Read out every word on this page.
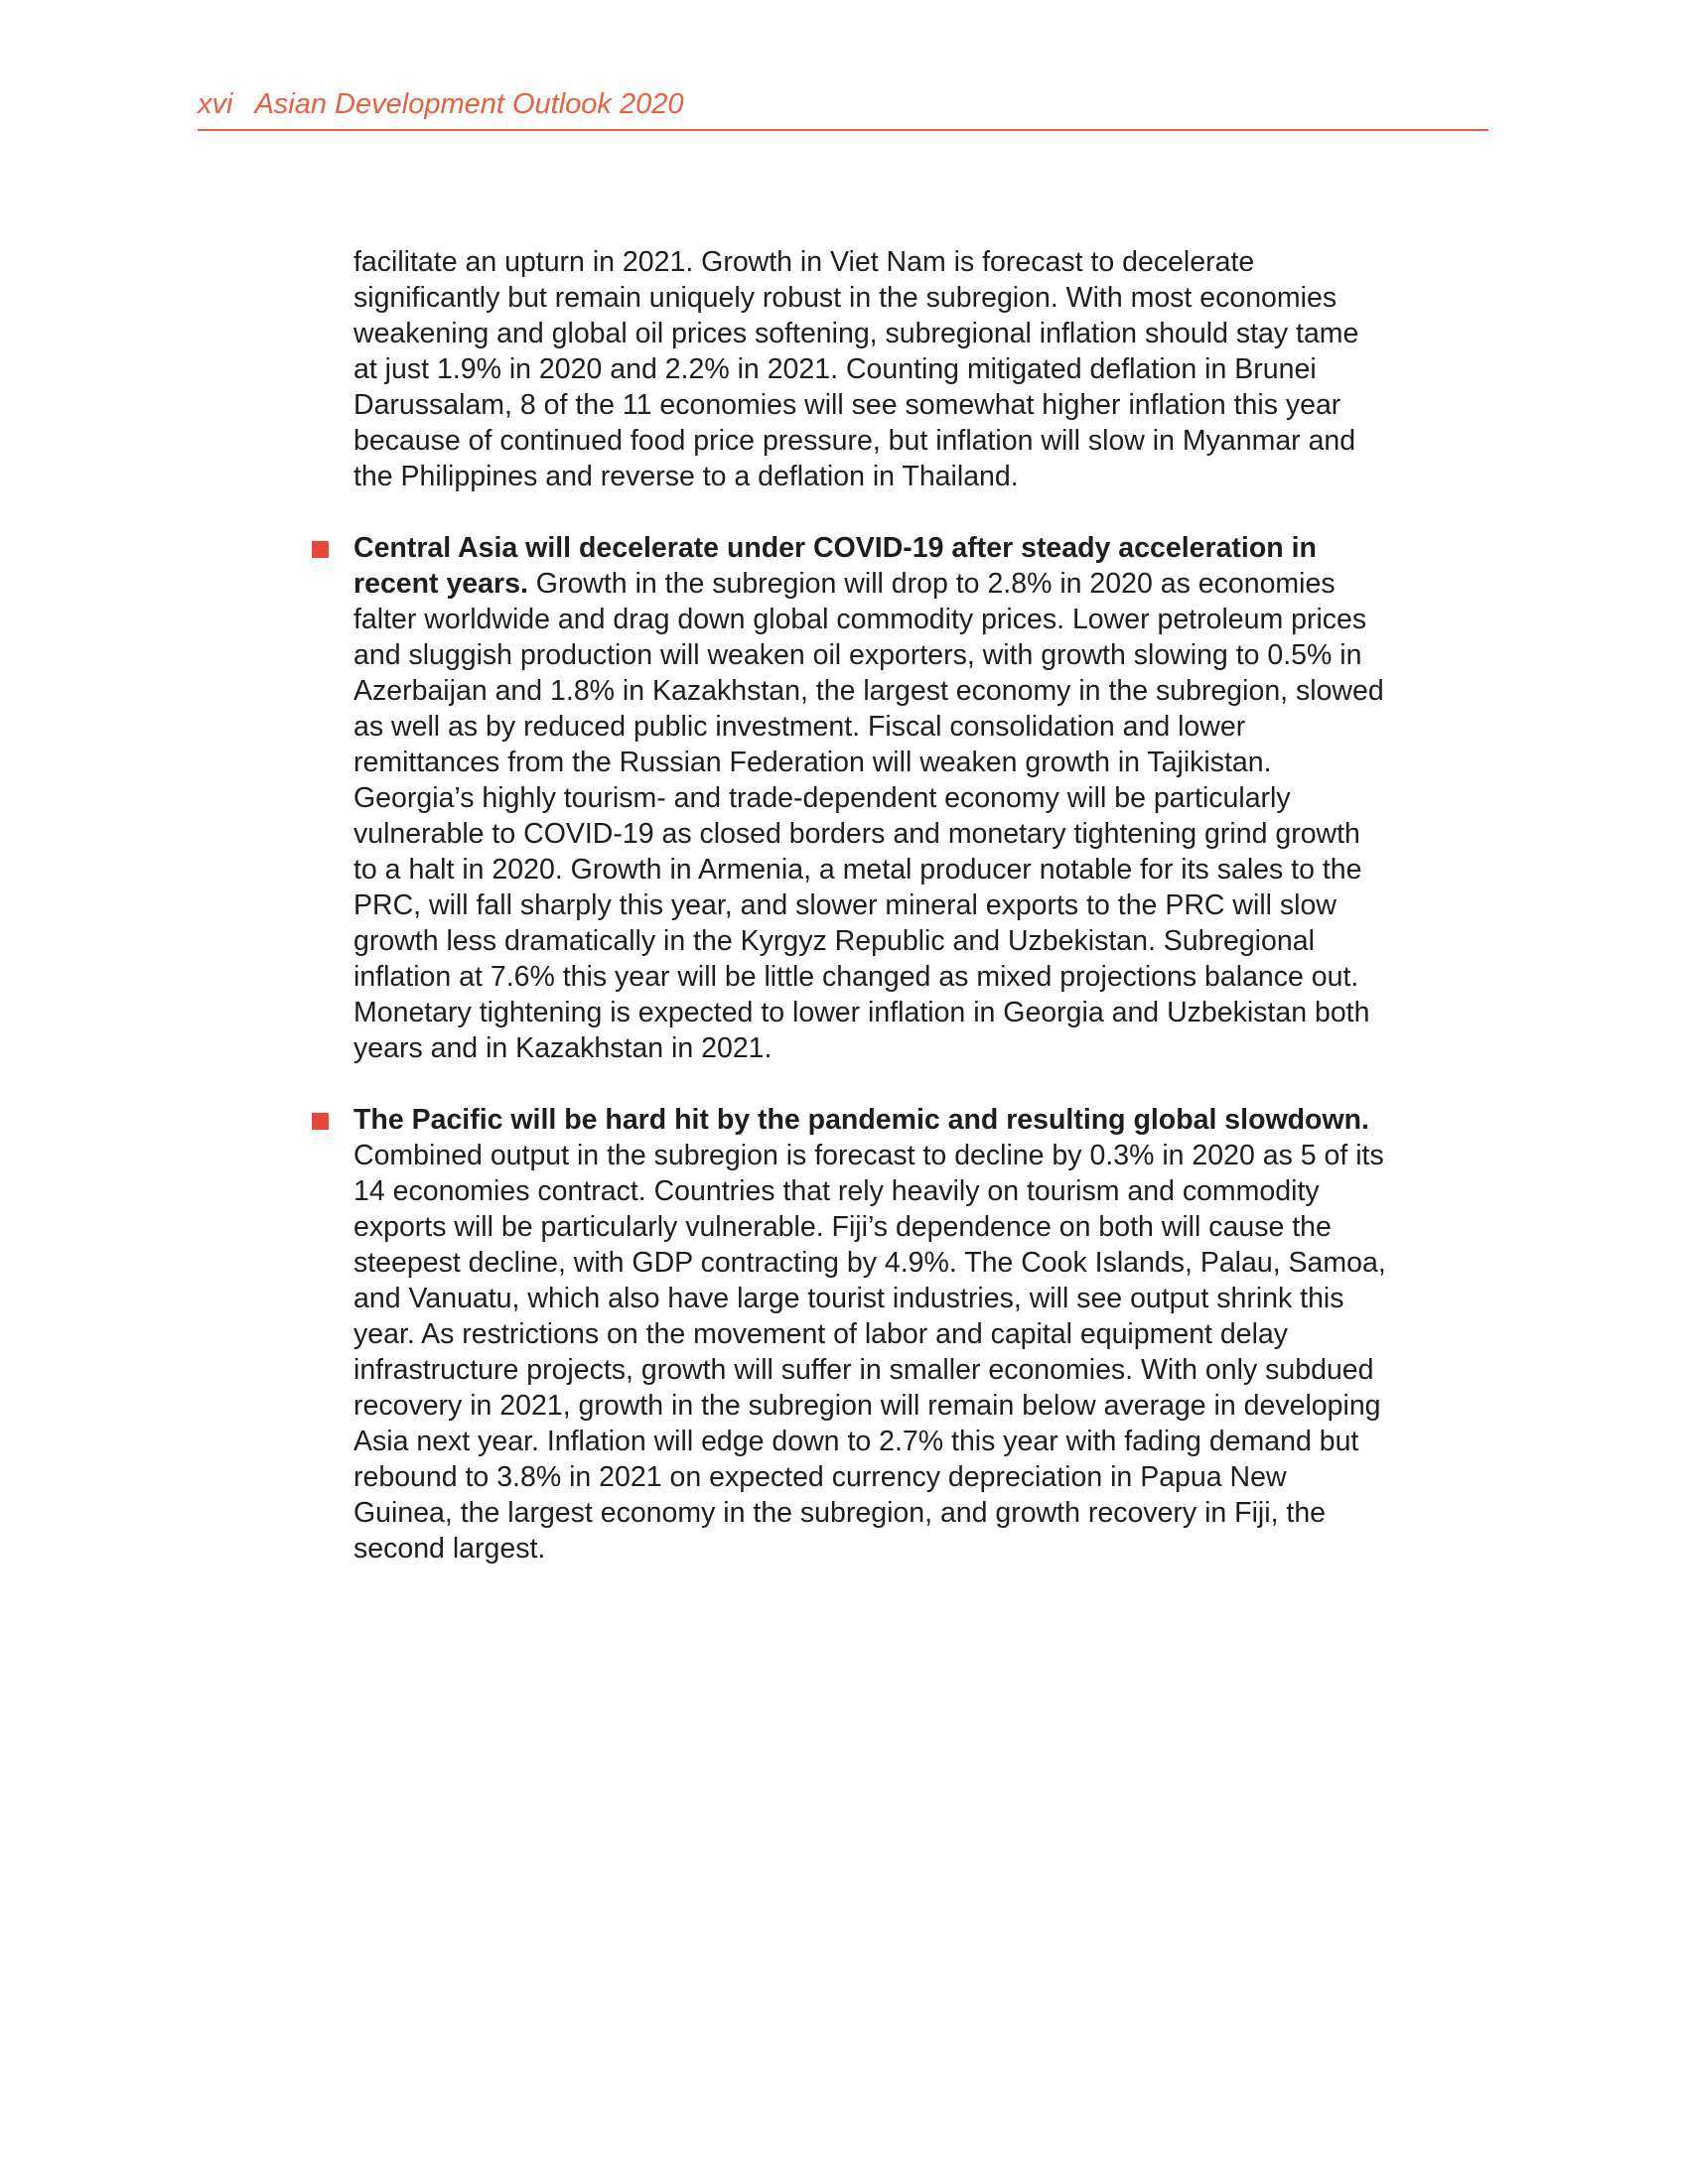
xvi Asian Development Outlook 2020

facilitate an upturn in 2021. Growth in Viet Nam is forecast to decelerate significantly but remain uniquely robust in the subregion. With most economies weakening and global oil prices softening, subregional inflation should stay tame at just 1.9% in 2020 and 2.2% in 2021. Counting mitigated deflation in Brunei Darussalam, 8 of the 11 economies will see somewhat higher inflation this year because of continued food price pressure, but inflation will slow in Myanmar and the Philippines and reverse to a deflation in Thailand.

Central Asia will decelerate under COVID-19 after steady acceleration in recent years. Growth in the subregion will drop to 2.8% in 2020 as economies falter worldwide and drag down global commodity prices. Lower petroleum prices and sluggish production will weaken oil exporters, with growth slowing to 0.5% in Azerbaijan and 1.8% in Kazakhstan, the largest economy in the subregion, slowed as well as by reduced public investment. Fiscal consolidation and lower remittances from the Russian Federation will weaken growth in Tajikistan. Georgia’s highly tourism- and trade-dependent economy will be particularly vulnerable to COVID-19 as closed borders and monetary tightening grind growth to a halt in 2020. Growth in Armenia, a metal producer notable for its sales to the PRC, will fall sharply this year, and slower mineral exports to the PRC will slow growth less dramatically in the Kyrgyz Republic and Uzbekistan. Subregional inflation at 7.6% this year will be little changed as mixed projections balance out. Monetary tightening is expected to lower inflation in Georgia and Uzbekistan both years and in Kazakhstan in 2021.

The Pacific will be hard hit by the pandemic and resulting global slowdown. Combined output in the subregion is forecast to decline by 0.3% in 2020 as 5 of its 14 economies contract. Countries that rely heavily on tourism and commodity exports will be particularly vulnerable. Fiji’s dependence on both will cause the steepest decline, with GDP contracting by 4.9%. The Cook Islands, Palau, Samoa, and Vanuatu, which also have large tourist industries, will see output shrink this year. As restrictions on the movement of labor and capital equipment delay infrastructure projects, growth will suffer in smaller economies. With only subdued recovery in 2021, growth in the subregion will remain below average in developing Asia next year. Inflation will edge down to 2.7% this year with fading demand but rebound to 3.8% in 2021 on expected currency depreciation in Papua New Guinea, the largest economy in the subregion, and growth recovery in Fiji, the second largest.
